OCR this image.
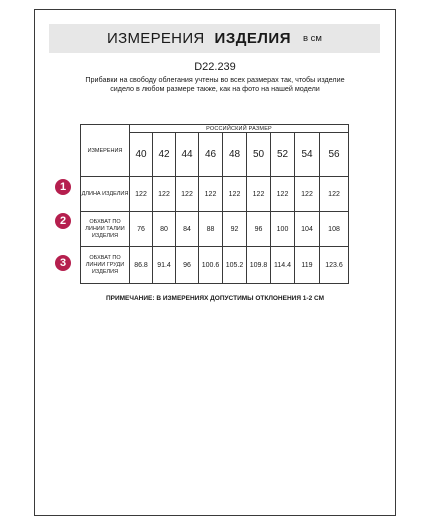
ИЗМЕРЕНИЯ ИЗДЕЛИЯ в см
D22.239
Прибавки на свободу облегания учтены во всех размерах так, чтобы изделие сидело в любом размере также, как на фото на нашей модели
1
2
3
ИЗМЕРЕНИЯ	РОССИЙСКИЙ РАЗМЕР								
	40	42	44	46	48	50	52	54	56
ДЛИНА ИЗДЕЛИЯ	122	122	122	122	122	122	122	122	122
ОБХВАТ ПО ЛИНИИ ТАЛИИ ИЗДЕЛИЯ	76	80	84	88	92	96	100	104	108
ОБХВАТ ПО ЛИНИИ ГРУДИ ИЗДЕЛИЯ	86.8	91.4	96	100.6	105.2	109.8	114.4	119	123.6
ПРИМЕЧАНИЕ: В ИЗМЕРЕНИЯХ ДОПУСТИМЫ ОТКЛОНЕНИЯ 1-2 СМ
